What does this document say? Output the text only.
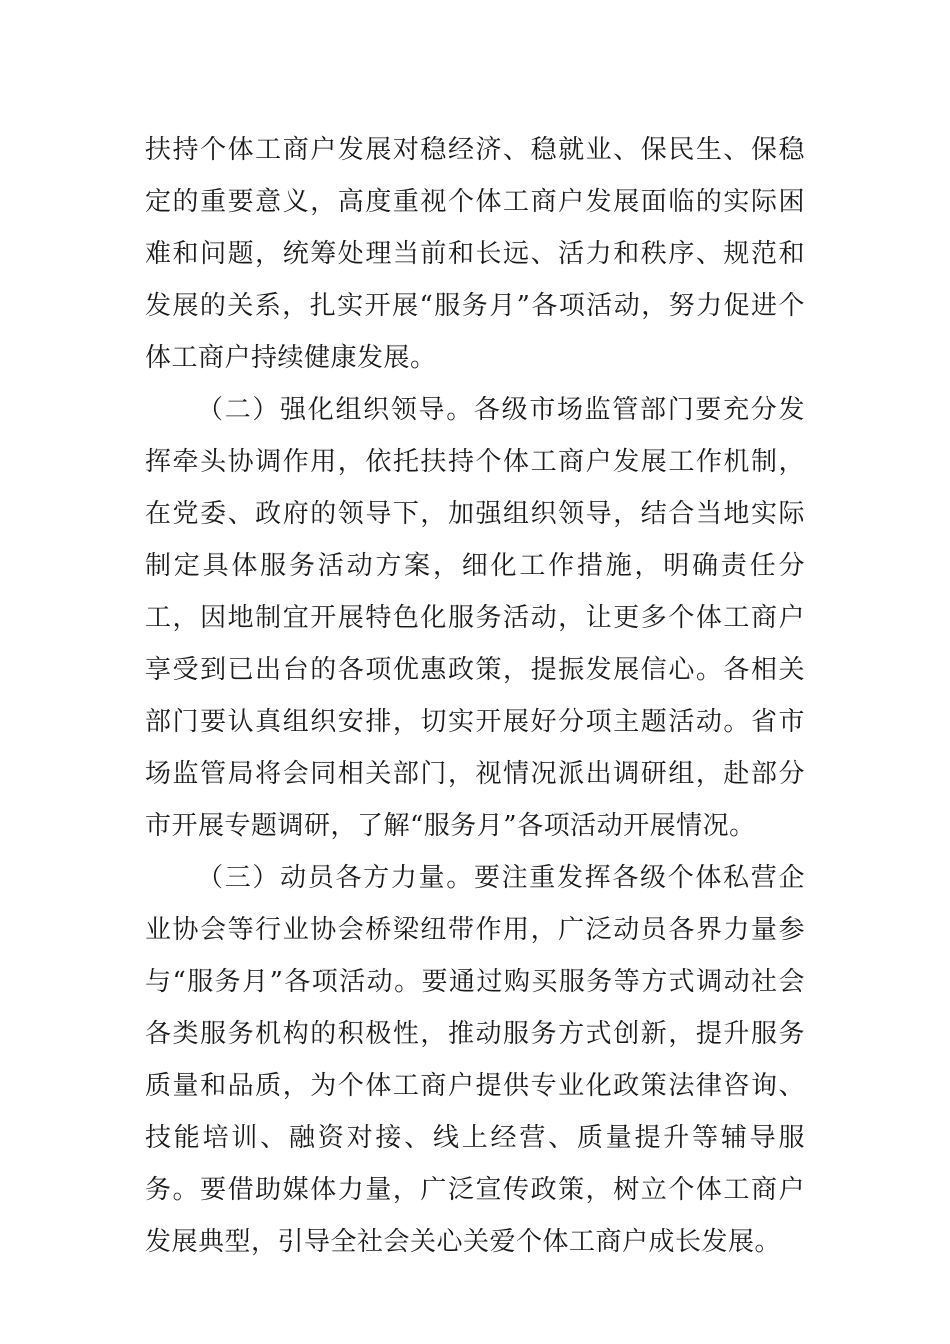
扶持个体工商户发展对稳经济、稳就业、保民生、保稳定的重要意义，高度重视个体工商户发展面临的实际困难和问题，统筹处理当前和长远、活力和秩序、规范和发展的关系，扎实开展“服务月”各项活动，努力促进个体工商户持续健康发展。

（二）强化组织领导。各级市场监管部门要充分发挥牵头协调作用，依托扶持个体工商户发展工作机制，在党委、政府的领导下，加强组织领导，结合当地实际制定具体服务活动方案，细化工作措施，明确责任分工，因地制宜开展特色化服务活动，让更多个体工商户享受到已出台的各项优惠政策，提振发展信心。各相关部门要认真组织安排，切实开展好分项主题活动。省市场监管局将会同相关部门，视情况派出调研组，赴部分市开展专题调研，了解“服务月”各项活动开展情况。

（三）动员各方力量。要注重发挥各级个体私营企业协会等行业协会桥梁纽带作用，广泛动员各界力量参与“服务月”各项活动。要通过购买服务等方式调动社会各类服务机构的积极性，推动服务方式创新，提升服务质量和品质，为个体工商户提供专业化政策法律咨询、技能培训、融资对接、线上经营、质量提升等辅导服务。要借助媒体力量，广泛宣传政策，树立个体工商户发展典型，引导全社会关心关爱个体工商户成长发展。
